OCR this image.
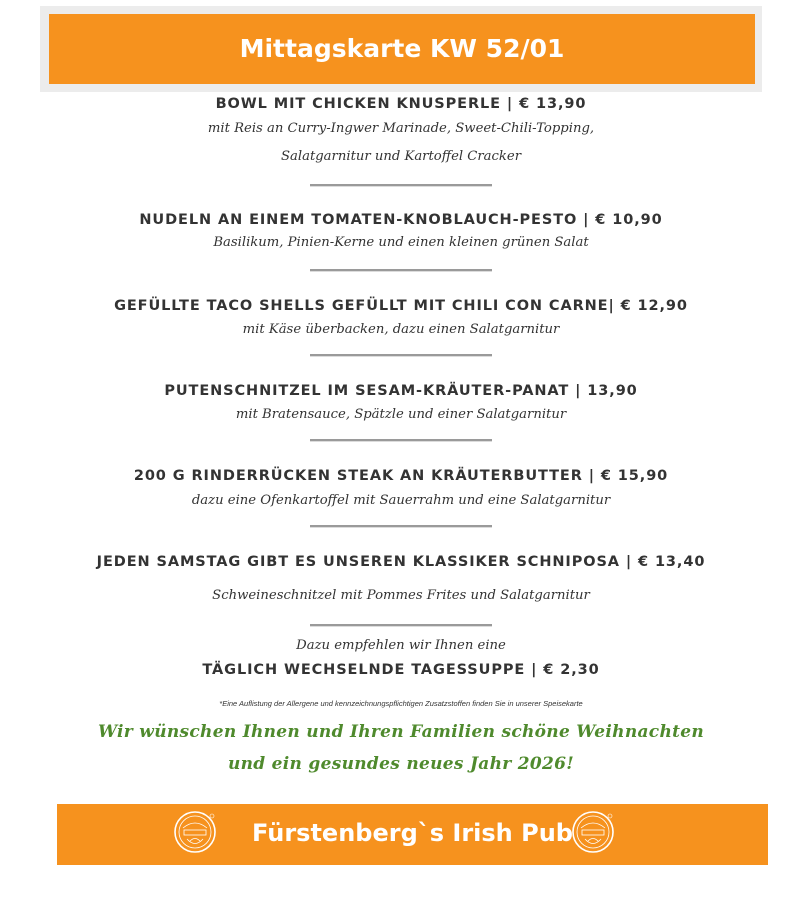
Mittagskarte KW 52/01
BOWL MIT CHICKEN KNUSPERLE | € 13,90
mit Reis an Curry-Ingwer Marinade, Sweet-Chili-Topping,
Salatgarnitur und Kartoffel Cracker
NUDELN AN EINEM TOMATEN-KNOBLAUCH-PESTO | € 10,90
Basilikum, Pinien-Kerne und einen kleinen grünen Salat
GEFÜLLTE TACO SHELLS GEFÜLLT MIT CHILI CON CARNE| € 12,90
mit Käse überbacken, dazu einen Salatgarnitur
PUTENSCHNITZEL IM SESAM-KRÄUTER-PANAT | 13,90
mit Bratensauce, Spätzle und einer Salatgarnitur
200 G RINDERRÜCKEN STEAK AN KRÄUTERBUTTER | € 15,90
dazu eine Ofenkartoffel mit Sauerrahm und eine Salatgarnitur
JEDEN SAMSTAG GIBT ES UNSEREN KLASSIKER SCHNIPOSA | € 13,40
Schweineschnitzel mit Pommes Frites und Salatgarnitur
Dazu empfehlen wir Ihnen eine
TÄGLICH WECHSELNDE TAGESSUPPE | € 2,30
*Eine Auflistung der Allergene und kennzeichnungspflichtigen Zusatzstoffen finden Sie in unserer Speisekarte
Wir wünschen Ihnen und Ihren Familien schöne Weihnachten
und ein gesundes neues Jahr 2026!
Fürstenberg`s Irish Pub
